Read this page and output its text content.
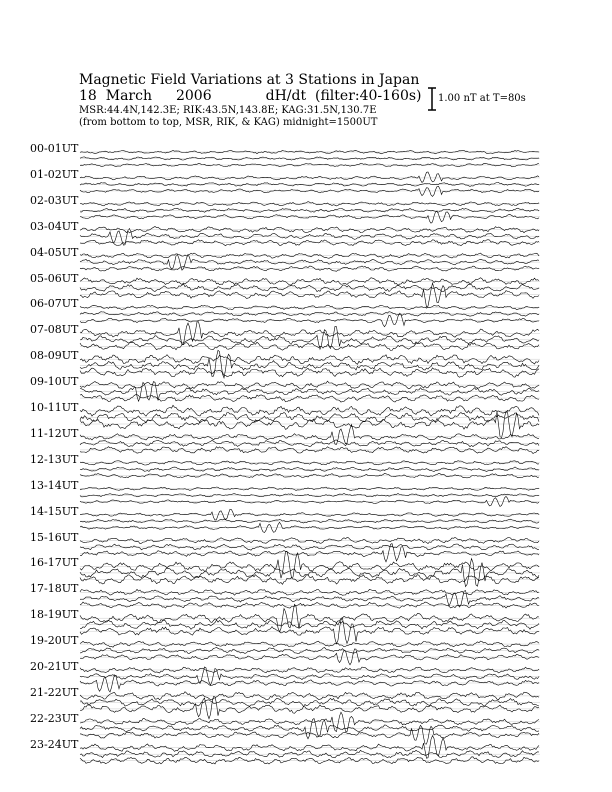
Magnetic Field Variations at 3 Stations in Japan
18 March 2006	dH/dt (filter:40-160s)
MSR:44.4N,142.3E; RIK:43.5N,143.8E; KAG:31.5N,130.7E
(from bottom to top, MSR, RIK, & KAG) midnight=1500UT
1.00 nT at T=80s
00-01UT
01-02UT
02-03UT
03-04UT
04-05UT
05-06UT
06-07UT
07-08UT
08-09UT
09-10UT
10-11UT
11-12UT
12-13UT
13-14UT
14-15UT
15-16UT
16-17UT
17-18UT
18-19UT
19-20UT
20-21UT
21-22UT
22-23UT
23-24UT
